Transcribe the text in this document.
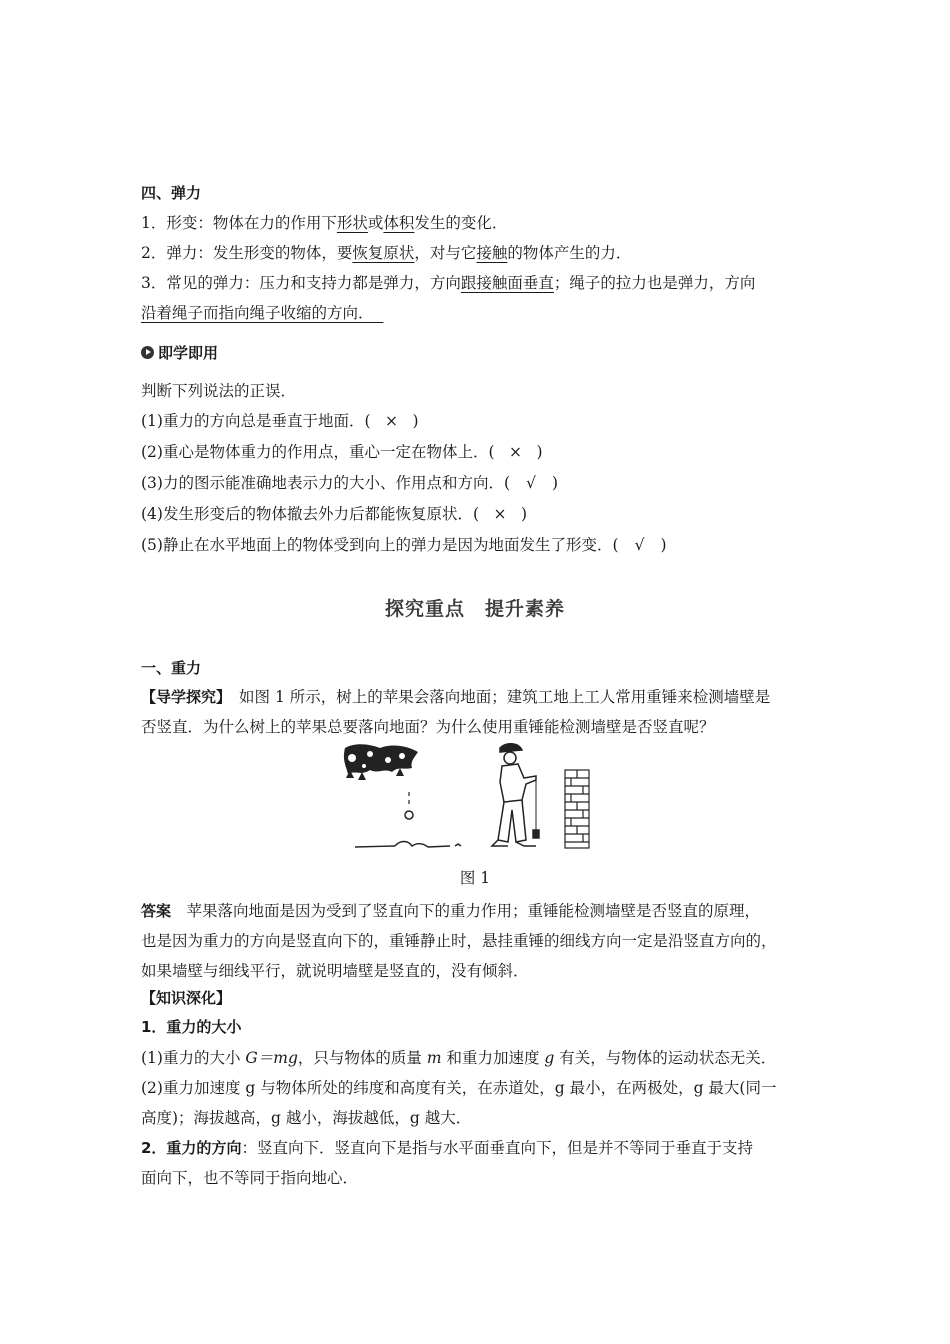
四、弹力
1．形变：物体在力的作用下形状或体积发生的变化．
2．弹力：发生形变的物体，要恢复原状，对与它接触的物体产生的力．
3．常见的弹力：压力和支持力都是弹力，方向跟接触面垂直；绳子的拉力也是弹力，方向
沿着绳子而指向绳子收缩的方向．
即学即用
判断下列说法的正误．
(1)重力的方向总是垂直于地面．( × )
(2)重心是物体重力的作用点，重心一定在物体上．( × )
(3)力的图示能准确地表示力的大小、作用点和方向．( √ )
(4)发生形变后的物体撤去外力后都能恢复原状．( × )
(5)静止在水平地面上的物体受到向上的弹力是因为地面发生了形变．( √ )
探究重点　提升素养
一、重力
【导学探究】　如图 1 所示，树上的苹果会落向地面；建筑工地上工人常用重锤来检测墙壁是
否竖直．为什么树上的苹果总要落向地面？为什么使用重锤能检测墙壁是否竖直呢？
图 1
答案　苹果落向地面是因为受到了竖直向下的重力作用；重锤能检测墙壁是否竖直的原理，
也是因为重力的方向是竖直向下的，重锤静止时，悬挂重锤的细线方向一定是沿竖直方向的，
如果墙壁与细线平行，就说明墙壁是竖直的，没有倾斜．
【知识深化】
1．重力的大小
(1)重力的大小 G＝mg，只与物体的质量 m 和重力加速度 g 有关，与物体的运动状态无关．
(2)重力加速度 g 与物体所处的纬度和高度有关，在赤道处，g 最小，在两极处，g 最大(同一
高度)；海拔越高，g 越小，海拔越低，g 越大．
2．重力的方向：竖直向下．竖直向下是指与水平面垂直向下，但是并不等同于垂直于支持
面向下，也不等同于指向地心．
